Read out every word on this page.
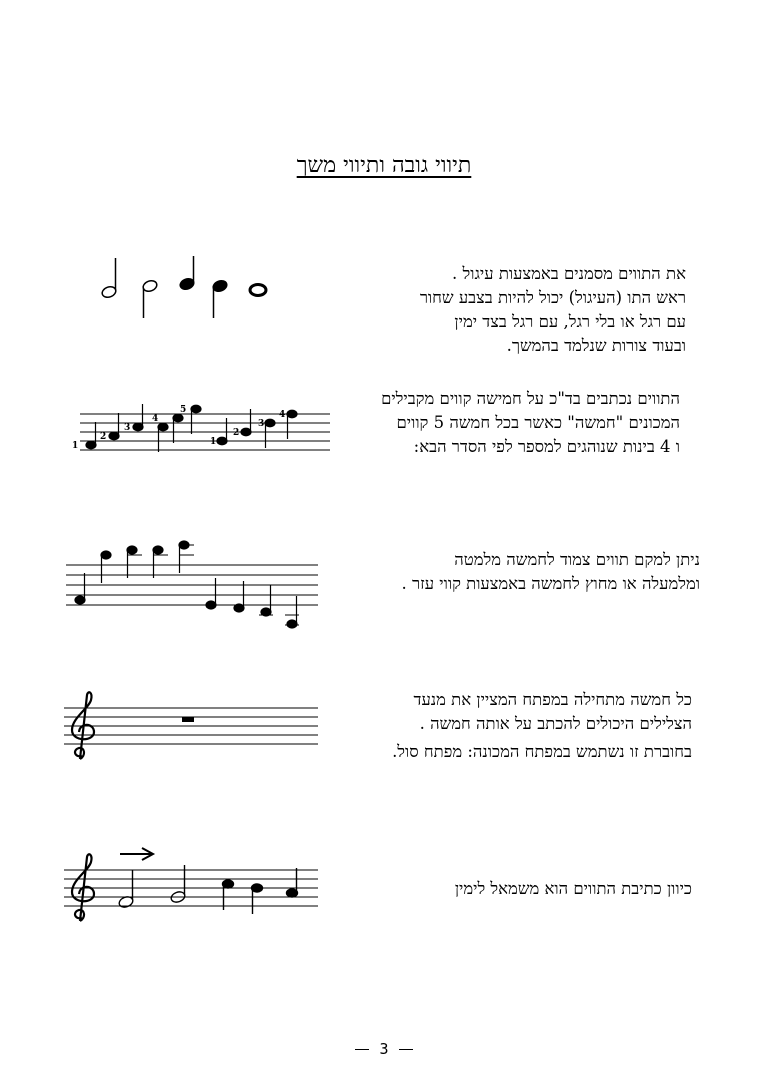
תיווי גובה ותיווי משך
את התווים מסמנים באמצעות עיגול .
ראש התו (העיגול) יכול להיות בצבע שחור
עם רגל או בלי רגל, עם רגל בצד ימין
ובעוד צורות שנלמד בהמשך.
התווים נכתבים בד"כ על חמישה קווים מקבילים
המכונים "חמשה" כאשר בכל חמשה 5 קווים
ו 4 בינות שנוהגים למספר לפי הסדר הבא:
1
2
3
4
5
1
2
3
4
ניתן למקם תווים צמוד לחמשה מלמטה
ומלמעלה או מחוץ לחמשה באמצעות קווי עזר .
כל חמשה מתחילה במפתח המציין את מנעד
הצלילים היכולים להכתב על אותה חמשה .
בחוברת זו נשתמש במפתח המכונה: מפתח סול.
כיוון כתיבת התווים הוא משמאל לימין
3
